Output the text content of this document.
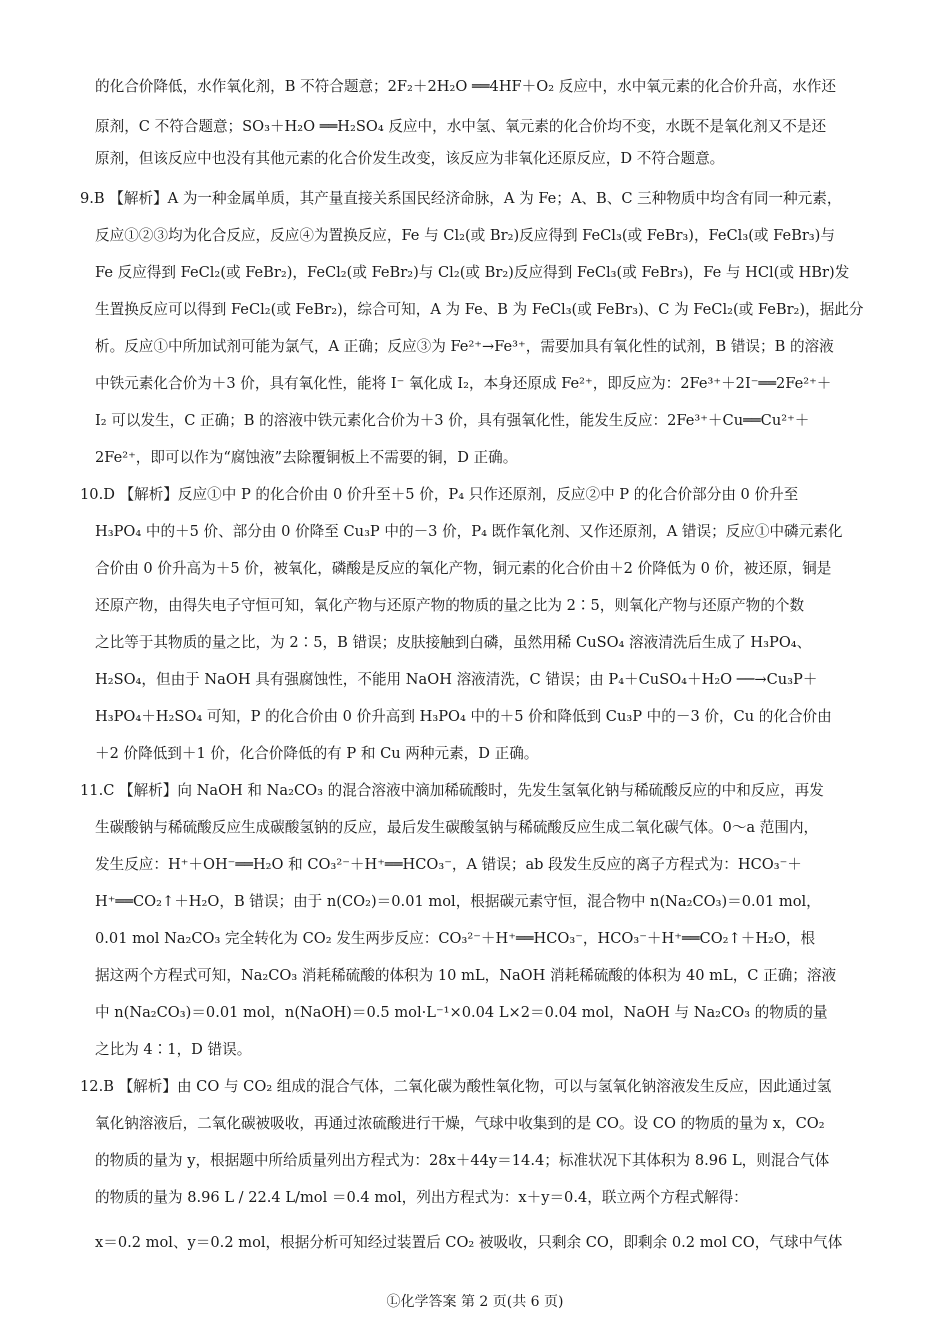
的化合价降低，水作氧化剂，B 不符合题意；2F₂＋2H₂O ══4HF＋O₂ 反应中，水中氧元素的化合价升高，水作还
原剂，C 不符合题意；SO₃＋H₂O ══H₂SO₄ 反应中，水中氢、氧元素的化合价均不变，水既不是氧化剂又不是还
原剂，但该反应中也没有其他元素的化合价发生改变，该反应为非氧化还原反应，D 不符合题意。
9.B 【解析】A 为一种金属单质，其产量直接关系国民经济命脉，A 为 Fe；A、B、C 三种物质中均含有同一种元素，
反应①②③均为化合反应，反应④为置换反应，Fe 与 Cl₂(或 Br₂)反应得到 FeCl₃(或 FeBr₃)，FeCl₃(或 FeBr₃)与
Fe 反应得到 FeCl₂(或 FeBr₂)，FeCl₂(或 FeBr₂)与 Cl₂(或 Br₂)反应得到 FeCl₃(或 FeBr₃)，Fe 与 HCl(或 HBr)发
生置换反应可以得到 FeCl₂(或 FeBr₂)，综合可知，A 为 Fe、B 为 FeCl₃(或 FeBr₃)、C 为 FeCl₂(或 FeBr₂)，据此分
析。反应①中所加试剂可能为氯气，A 正确；反应③为 Fe²⁺→Fe³⁺，需要加具有氧化性的试剂，B 错误；B 的溶液
中铁元素化合价为＋3 价，具有氧化性，能将 I⁻ 氧化成 I₂，本身还原成 Fe²⁺，即反应为：2Fe³⁺＋2I⁻══2Fe²⁺＋
I₂ 可以发生，C 正确；B 的溶液中铁元素化合价为＋3 价，具有强氧化性，能发生反应：2Fe³⁺＋Cu══Cu²⁺＋
2Fe²⁺，即可以作为“腐蚀液”去除覆铜板上不需要的铜，D 正确。
10.D 【解析】反应①中 P 的化合价由 0 价升至＋5 价，P₄ 只作还原剂，反应②中 P 的化合价部分由 0 价升至
H₃PO₄ 中的＋5 价、部分由 0 价降至 Cu₃P 中的－3 价，P₄ 既作氧化剂、又作还原剂，A 错误；反应①中磷元素化
合价由 0 价升高为＋5 价，被氧化，磷酸是反应的氧化产物，铜元素的化合价由＋2 价降低为 0 价，被还原，铜是
还原产物，由得失电子守恒可知，氧化产物与还原产物的物质的量之比为 2∶5，则氧化产物与还原产物的个数
之比等于其物质的量之比，为 2∶5，B 错误；皮肤接触到白磷，虽然用稀 CuSO₄ 溶液清洗后生成了 H₃PO₄、
H₂SO₄，但由于 NaOH 具有强腐蚀性，不能用 NaOH 溶液清洗，C 错误；由 P₄＋CuSO₄＋H₂O ──→Cu₃P＋
H₃PO₄＋H₂SO₄ 可知，P 的化合价由 0 价升高到 H₃PO₄ 中的＋5 价和降低到 Cu₃P 中的－3 价，Cu 的化合价由
＋2 价降低到＋1 价，化合价降低的有 P 和 Cu 两种元素，D 正确。
11.C 【解析】向 NaOH 和 Na₂CO₃ 的混合溶液中滴加稀硫酸时，先发生氢氧化钠与稀硫酸反应的中和反应，再发
生碳酸钠与稀硫酸反应生成碳酸氢钠的反应，最后发生碳酸氢钠与稀硫酸反应生成二氧化碳气体。0～a 范围内，
发生反应：H⁺＋OH⁻══H₂O 和 CO₃²⁻＋H⁺══HCO₃⁻，A 错误；ab 段发生反应的离子方程式为：HCO₃⁻＋
H⁺══CO₂↑＋H₂O，B 错误；由于 n(CO₂)＝0.01 mol，根据碳元素守恒，混合物中 n(Na₂CO₃)＝0.01 mol，
0.01 mol Na₂CO₃ 完全转化为 CO₂ 发生两步反应：CO₃²⁻＋H⁺══HCO₃⁻，HCO₃⁻＋H⁺══CO₂↑＋H₂O，根
据这两个方程式可知，Na₂CO₃ 消耗稀硫酸的体积为 10 mL，NaOH 消耗稀硫酸的体积为 40 mL，C 正确；溶液
中 n(Na₂CO₃)＝0.01 mol，n(NaOH)＝0.5 mol·L⁻¹×0.04 L×2＝0.04 mol，NaOH 与 Na₂CO₃ 的物质的量
之比为 4∶1，D 错误。
12.B 【解析】由 CO 与 CO₂ 组成的混合气体，二氧化碳为酸性氧化物，可以与氢氧化钠溶液发生反应，因此通过氢
氧化钠溶液后，二氧化碳被吸收，再通过浓硫酸进行干燥，气球中收集到的是 CO。设 CO 的物质的量为 x，CO₂
的物质的量为 y，根据题中所给质量列出方程式为：28x＋44y＝14.4；标准状况下其体积为 8.96 L，则混合气体
的物质的量为 8.96 L / 22.4 L/mol ＝0.4 mol，列出方程式为：x＋y＝0.4，联立两个方程式解得：
x＝0.2 mol、y＝0.2 mol，根据分析可知经过装置后 CO₂ 被吸收，只剩余 CO，即剩余 0.2 mol CO，气球中气体
Ⓛ化学答案 第 2 页(共 6 页)
